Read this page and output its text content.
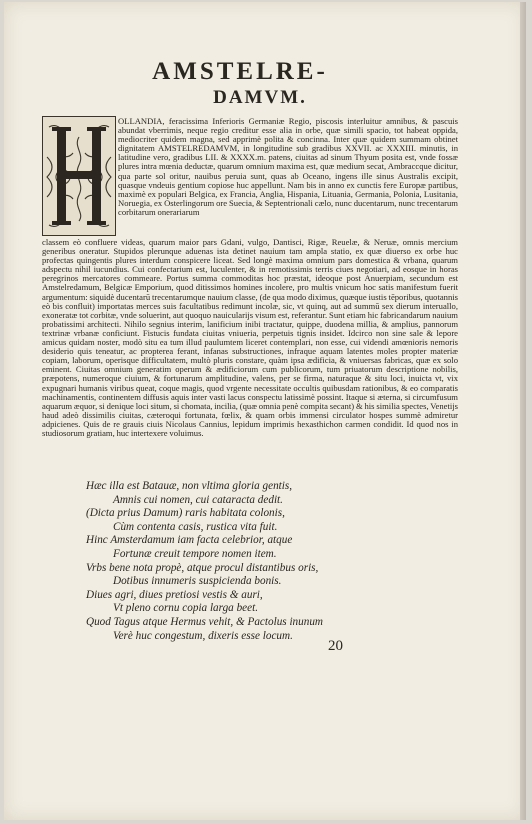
AMSTELRE-
DAMVM.

OLLANDIA, feracissima Inferioris Germaniæ Regio, piscosis interluitur amnibus, & pascuis abundat vberrimis, neque regio creditur esse alia in orbe, quæ simili spacio, tot habeat oppida, mediocriter quidem magna, sed apprimè polita & concinna. Inter quæ quidem summam obtinet dignitatem AMSTELREDAMVM, in longitudine sub gradibus XXVII. ac XXXIII. minutis, in latitudine vero, gradibus LII. & XXXX.m. patens, ciuitas ad sinum Thyum posita est, vnde fossæ plures intra mœnia deductæ, quarum omnium maxima est, quæ medium secat, Ambraccque dicitur, qua parte sol oritur, nauibus peruia sunt, quas ab Oceano, ingens ille sinus Australis excipit, quasque vndeuis gentium copiose huc appellunt. Nam bis in anno ex cunctis fere Europæ partibus, maximè ex populari Belgica, ex Francia, Anglia, Hispania, Lituania, Germania, Polonia, Lusitania, Noruegia, ex Osterlingorum ore Suecia, & Septentrionali cælo, nunc ducentarum, nunc trecentarum corbitarum onerariarum

classem eò confluere videas, quarum maior pars Gdani, vulgo, Dantisci, Rigæ, Reuelæ, & Neruæ, omnis mercium generibus oneratur. Stupidos plerunque aduenas ista detinet nauium tam ampla statio, ex quæ diuerso ex orbe huc profectas quingentis plures interdum conspicere liceat. Sed longè maxima omnium pars domestica & vrbana, quarum adspectu nihil iucundius. Cui confectarium est, luculenter, & in remotissimis terris ciues negotiari, ad eosque in horas peregrinos mercatores commeare. Portus summa commoditas hoc præstat, ideoque post Anuerpiam, secundum est Amstelredamum, Belgicæ Emporium, quod ditissimos homines incolere, pro multis vnicum hoc satis manifestum fuerit argumentum: siquidè ducentarū trecentarumque nauium classe, (de qua modo diximus, quæque iustis tēporibus, quotannis eò bis confluit) importatas merces suis facultatibus redimunt incolæ, sic, vt quinq, aut ad summū sex dierum interuallo, exoneratæ tot corbitæ, vnde soluerint, aut quoquo nauicularijs visum est, referantur. Sunt etiam hic fabricandarum nauium probatissimi architecti. Nihilo segnius interim, lanificium inibi tractatur, quippe, duodena millia, & amplius, pannorum textrinæ vrbanæ conficiunt. Fistucis fundata ciuitas vniueria, perpetuis tignis insidet. Idcirco non sine sale & lepore amicus quidam noster, modò situ ea tum illud paulumtem liceret contemplari, non esse, cui videndi amœnioris nemoris desiderio quis teneatur, ac propterea ferant, infanas substructiones, infraque aquam latentes moles propter materiæ copiam, laborum, operisque difficultatem, multò pluris constare, quàm ipsa ædificia, & vniuersas fabricas, quæ ex solo eminent. Ciuitas omnium generatim operum & ædificiorum cum publicorum, tum priuatorum descriptione nobilis, præpotens, numeroque ciuium, & fortunarum amplitudine, valens, per se firma, naturaque & situ loci, inuicta vt, vix expugnari humanis viribus queat, coque magis, quod vrgente necessitate occultis quibusdam rationibus, & eo comparatis machinamentis, continentem diffusis aquis inter vasti lacus conspectu latissimè possint. Itaque si æterna, si circumfusum aquarum æquor, si denique loci situm, si chomata, incilia, (quæ omnia penè compita secant) & his similia spectes, Venetijs haud adeò dissimilis ciuitas, cæteroqui fortunata, fœlix, & quam orbis immensi circulator hospes summè admiretur adpicienes. Quis de re grauis ciuis Nicolaus Cannius, lepidum imprimis hexasthichon carmen condidit. Id quod nos in studiosorum gratiam, huc intertexere voluimus.

Hæc illa est Batauæ, non vltima gloria gentis,
Amnis cui nomen, cui cataracta dedit.
(Dicta prius Damum) raris habitata colonis,
Cùm contenta casis, rustica vita fuit.
Hinc Amsterdamum iam facta celebrior, atque
Fortunæ creuit tempore nomen item.
Vrbs bene nota propè, atque procul distantibus oris,
Dotibus innumeris suspicienda bonis.
Diues agri, diues pretiosi vestis & auri,
Vt pleno cornu copia larga beet.
Quod Tagus atque Hermus vehit, & Pactolus inunum
Verè huc congestum, dixeris esse locum.
20
